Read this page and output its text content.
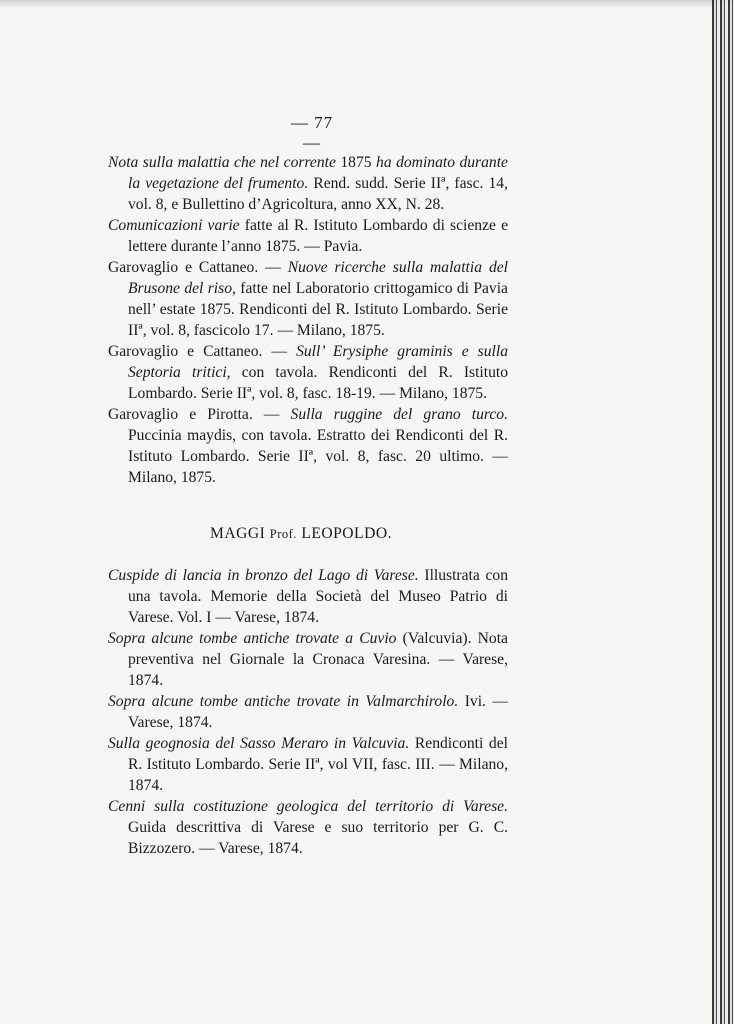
— 77 —

Nota sulla malattia che nel corrente 1875 ha dominato durante la vegetazione del frumento. Rend. sudd. Serie IIª, fasc. 14, vol. 8, e Bullettino d’Agricoltura, anno XX, N. 28.

Comunicazioni varie fatte al R. Istituto Lombardo di scienze e lettere durante l’anno 1875. — Pavia.

Garovaglio e Cattaneo. — Nuove ricerche sulla malattia del Brusone del riso, fatte nel Laboratorio crittogamico di Pavia nell’ estate 1875. Rendiconti del R. Istituto Lombardo. Serie IIª, vol. 8, fascicolo 17. — Milano, 1875.

Garovaglio e Cattaneo. — Sull’ Erysiphe graminis e sulla Septoria tritici, con tavola. Rendiconti del R. Istituto Lombardo. Serie IIª, vol. 8, fasc. 18-19. — Milano, 1875.

Garovaglio e Pirotta. — Sulla ruggine del grano turco. Puccinia maydis, con tavola. Estratto dei Rendiconti del R. Istituto Lombardo. Serie IIª, vol. 8, fasc. 20 ultimo. — Milano, 1875.

MAGGI Prof. LEOPOLDO.

Cuspide di lancia in bronzo del Lago di Varese. Illustrata con una tavola. Memorie della Società del Museo Patrio di Varese. Vol. I — Varese, 1874.

Sopra alcune tombe antiche trovate a Cuvio (Valcuvia). Nota preventiva nel Giornale la Cronaca Varesina. — Varese, 1874.

Sopra alcune tombe antiche trovate in Valmarchirolo. Ivi. — Varese, 1874.

Sulla geognosia del Sasso Meraro in Valcuvia. Rendiconti del R. Istituto Lombardo. Serie IIª, vol VII, fasc. III. — Milano, 1874.

Cenni sulla costituzione geologica del territorio di Varese. Guida descrittiva di Varese e suo territorio per G. C. Bizzozero. — Varese, 1874.
